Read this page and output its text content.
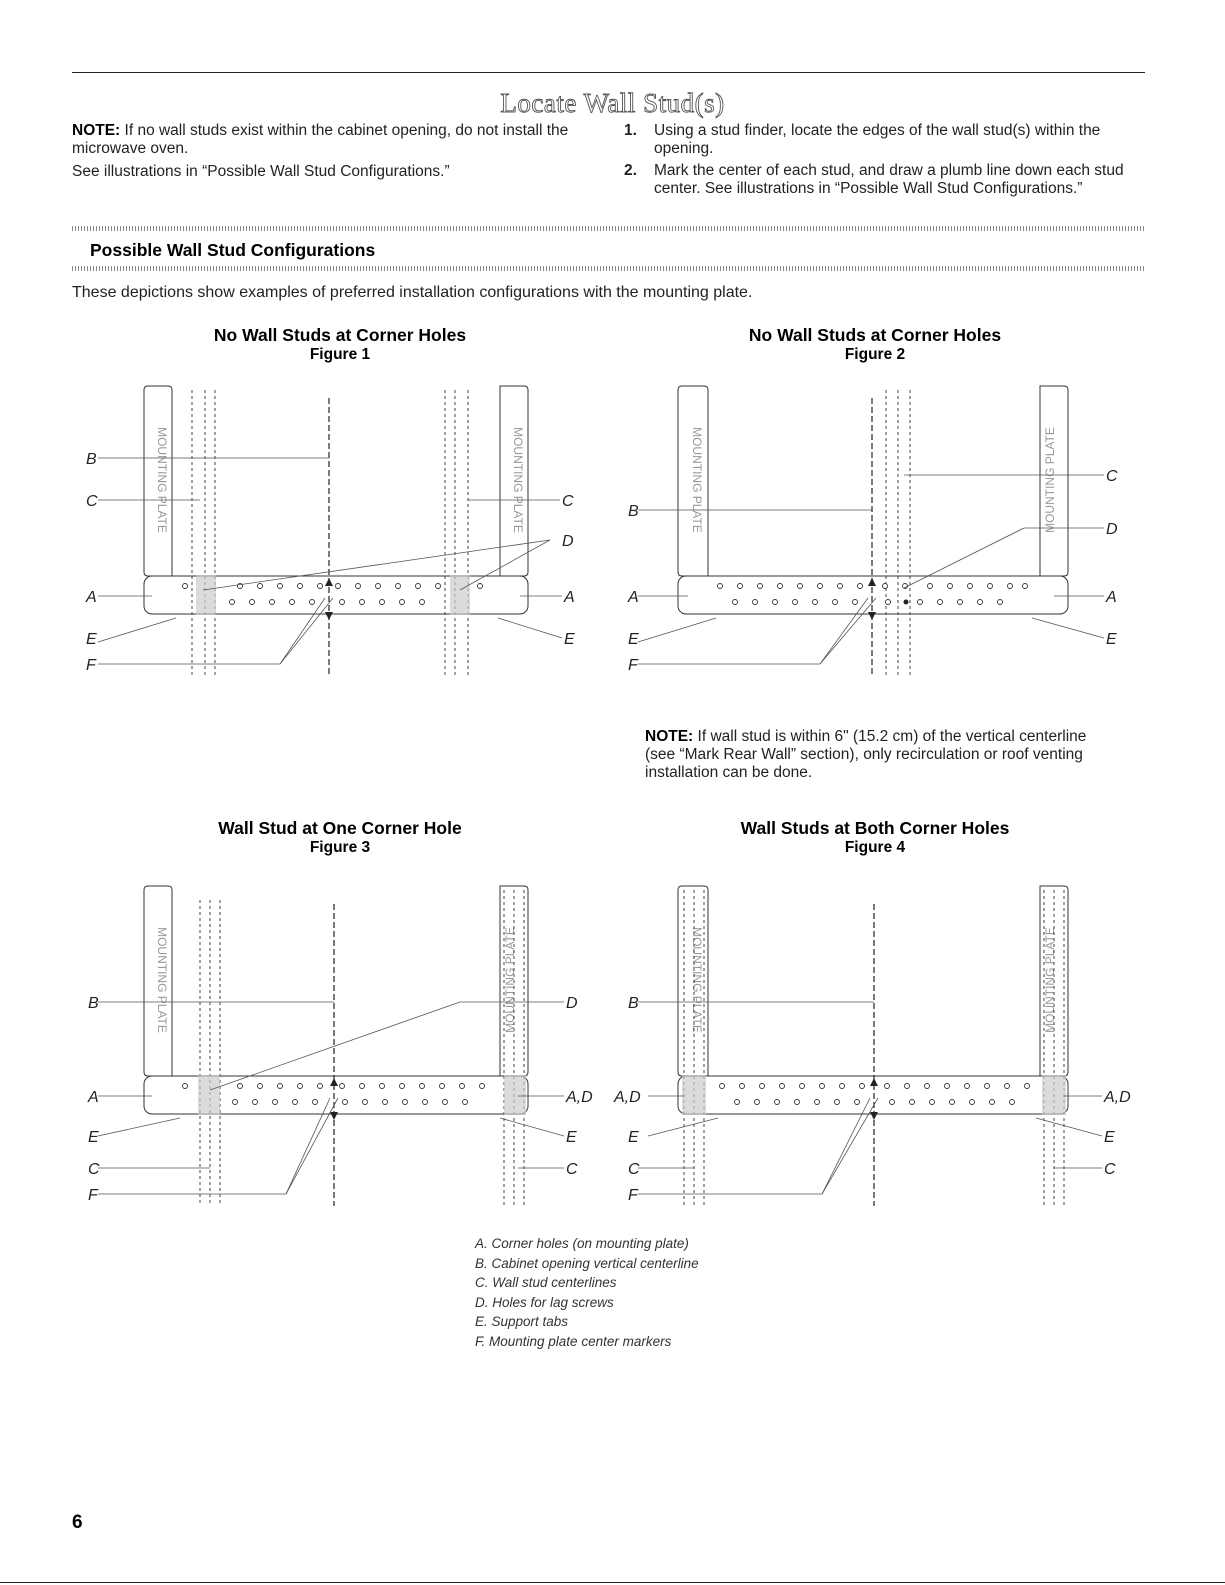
Locate Wall Stud(s)
NOTE: If no wall studs exist within the cabinet opening, do not install the microwave oven.
See illustrations in “Possible Wall Stud Configurations.”
1. Using a stud finder, locate the edges of the wall stud(s) within the opening.
2. Mark the center of each stud, and draw a plumb line down each stud center. See illustrations in “Possible Wall Stud Configurations.”
Possible Wall Stud Configurations
These depictions show examples of preferred installation configurations with the mounting plate.
No Wall Studs at Corner Holes
Figure 1
No Wall Studs at Corner Holes
Figure 2
Wall Stud at One Corner Hole
Figure 3
Wall Studs at Both Corner Holes
Figure 4
MOUNTING PLATE	MOUNTING PLATE
B
C	C
D
A	A
E	E
F
MOUNTING PLATE	MOUNTING PLATE
B
C
D
A	A
E	E
F
NOTE: If wall stud is within 6" (15.2 cm) of the vertical centerline (see “Mark Rear Wall” section), only recirculation or roof venting installation can be done.
MOUNTING PLATE	MOUNTING PLATE
B	D
A	A,D
E	E
C	C
F
MOUNTING PLATE	MOUNTING PLATE
B
A,D	A,D
E	E
C	C
F
A. Corner holes (on mounting plate)
B. Cabinet opening vertical centerline
C. Wall stud centerlines
D. Holes for lag screws
E. Support tabs
F. Mounting plate center markers
6
